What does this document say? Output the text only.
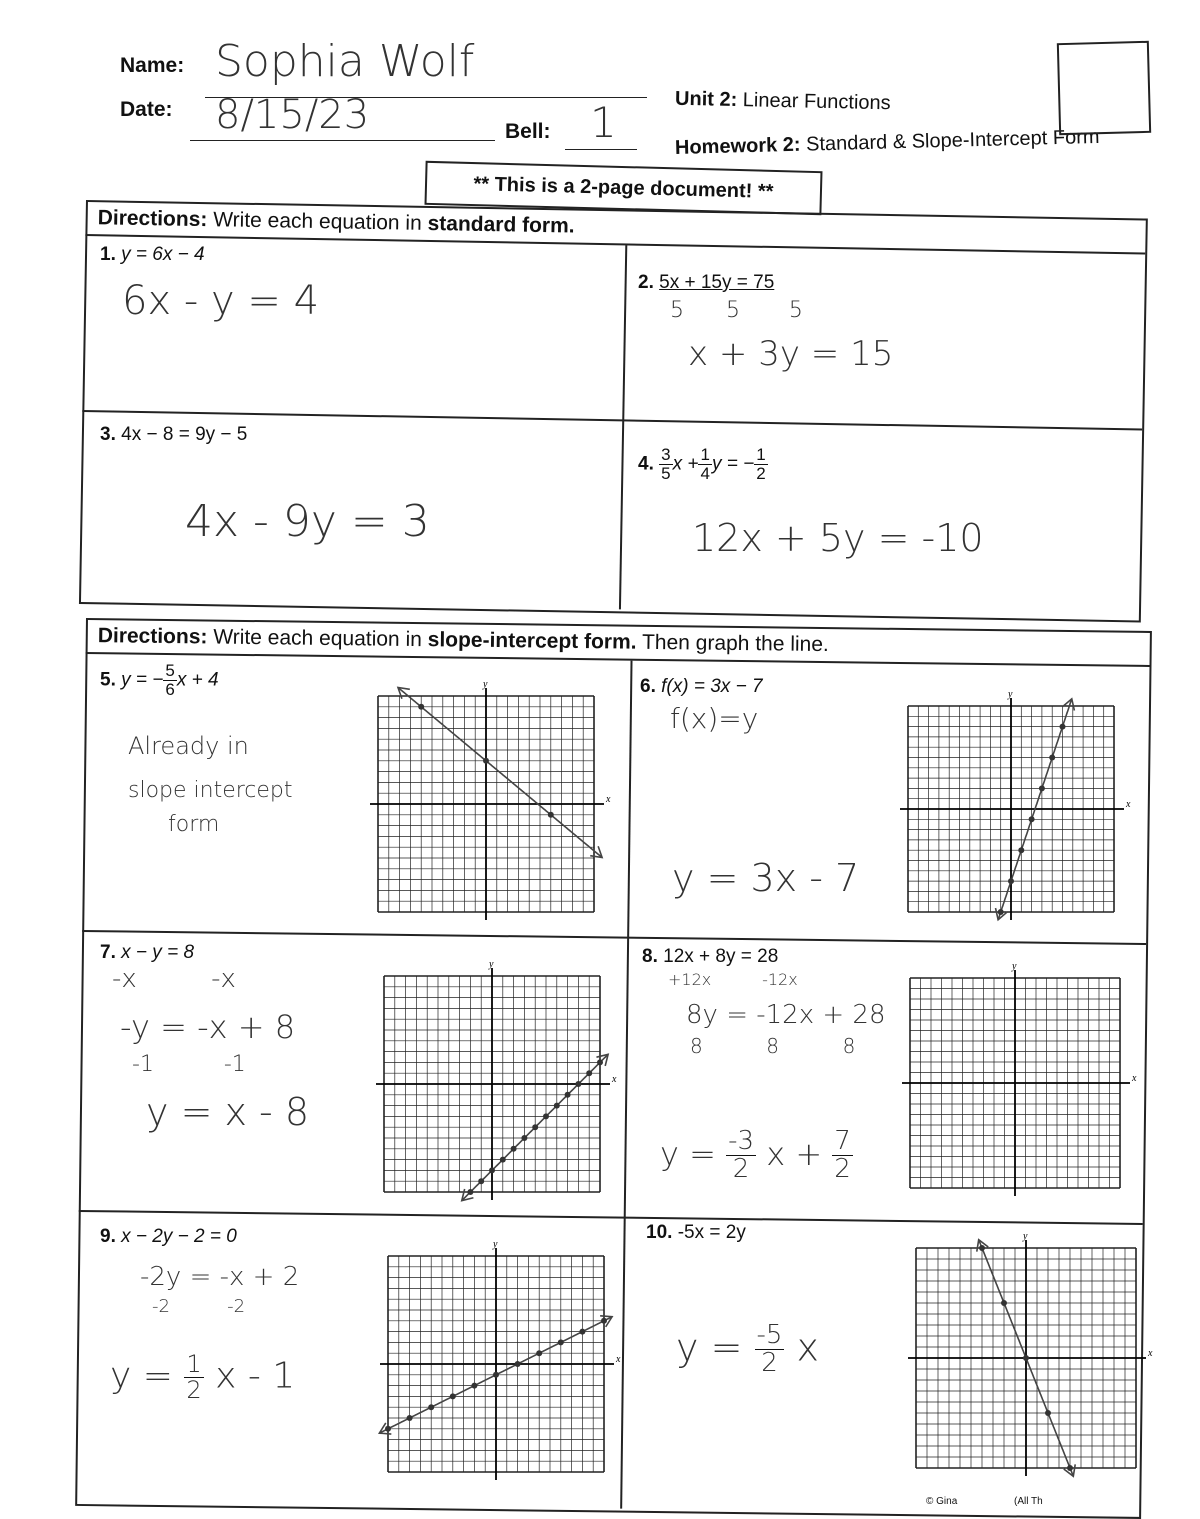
Name: Sophia Wolf
Date: 8/15/23	Bell: 1	Unit 2: Linear Functions
Homework 2: Standard & Slope-Intercept Form
** This is a 2-page document! **
Directions: Write each equation in standard form.
1. y = 6x − 4
6x - y = 4	2. 5x + 15y = 75
5      5       5
x + 3y = 15
3. 4x − 8 = 9y − 5
4x - 9y = 3
4. $\frac{3}{5}$ $x + \frac{1}{4}$ y = − $\frac{1}{2}$
12x + 5y = -10
Directions: Write each equation in slope-intercept form. Then graph the line.
5. y = − $\frac{5}{6}$ x + 4
Already in
slope intercept
form
6. f(x) = 3x − 7
f(x)=y
y = 3x - 7
7. x − y = 8
-x         -x
-y = -x + 8
-1          -1
y = x - 8
8. 12x + 8y = 28
+12x          -12x
8y = -12x + 28
8          8          8
$y = \frac{-3}{2}$ $x + \frac{7}{2}$
9. x − 2y − 2 = 0
-2y = -x + 2
-2          -2
$y = \frac{1}{2}$ x - 1
10. -5x = 2y
$y = \frac{-5}{2}$ x
x
y
x
y
x
y
x
y
x
y
x
y
© Gina	(All Th
